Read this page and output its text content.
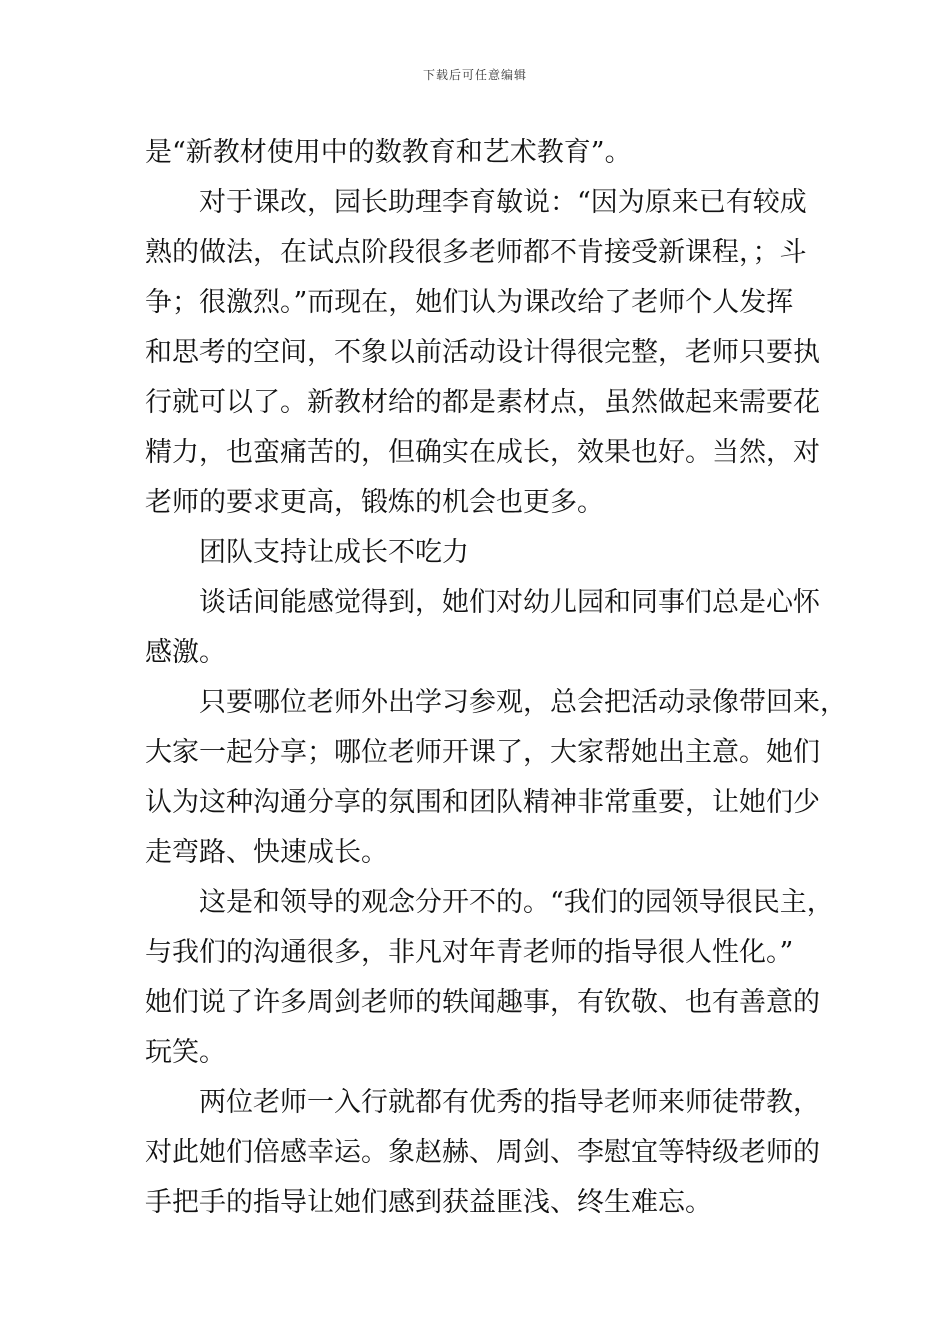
下载后可任意编辑
是“新教材使用中的数教育和艺术教育”。
对于课改，园长助理李育敏说：“因为原来已有较成
熟的做法，在试点阶段很多老师都不肯接受新课程，；斗
争；很激烈。”而现在，她们认为课改给了老师个人发挥
和思考的空间，不象以前活动设计得很完整，老师只要执
行就可以了。新教材给的都是素材点，虽然做起来需要花
精力，也蛮痛苦的，但确实在成长，效果也好。当然，对
老师的要求更高，锻炼的机会也更多。
团队支持让成长不吃力
谈话间能感觉得到，她们对幼儿园和同事们总是心怀
感激。
只要哪位老师外出学习参观，总会把活动录像带回来，
大家一起分享；哪位老师开课了，大家帮她出主意。她们
认为这种沟通分享的氛围和团队精神非常重要，让她们少
走弯路、快速成长。
这是和领导的观念分开不的。“我们的园领导很民主，
与我们的沟通很多，非凡对年青老师的指导很人性化。”
她们说了许多周剑老师的轶闻趣事，有钦敬、也有善意的
玩笑。
两位老师一入行就都有优秀的指导老师来师徒带教，
对此她们倍感幸运。象赵赫、周剑、李慰宜等特级老师的
手把手的指导让她们感到获益匪浅、终生难忘。
